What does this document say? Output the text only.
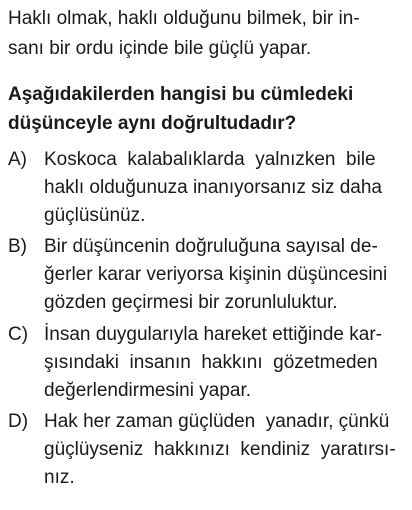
Haklı olmak, haklı olduğunu bilmek, bir in-
sanı bir ordu içinde bile güçlü yapar.
Aşağıdakilerden hangisi bu cümledeki
düşünceyle aynı doğrultudadır?
A) Koskoca  kalabalıklarda  yalnızken  bile
haklı olduğunuza inanıyorsanız siz daha
güçlüsünüz.
B) Bir düşüncenin doğruluğuna sayısal de-
ğerler karar veriyorsa kişinin düşüncesini
gözden geçirmesi bir zorunluluktur.
C) İnsan duygularıyla hareket ettiğinde kar-
şısındaki  insanın  hakkını  gözetmeden
değerlendirmesini yapar.
D) Hak her zaman güçlüden  yanadır, çünkü
güçlüyseniz  hakkınızı  kendiniz  yaratırsı-
nız.
